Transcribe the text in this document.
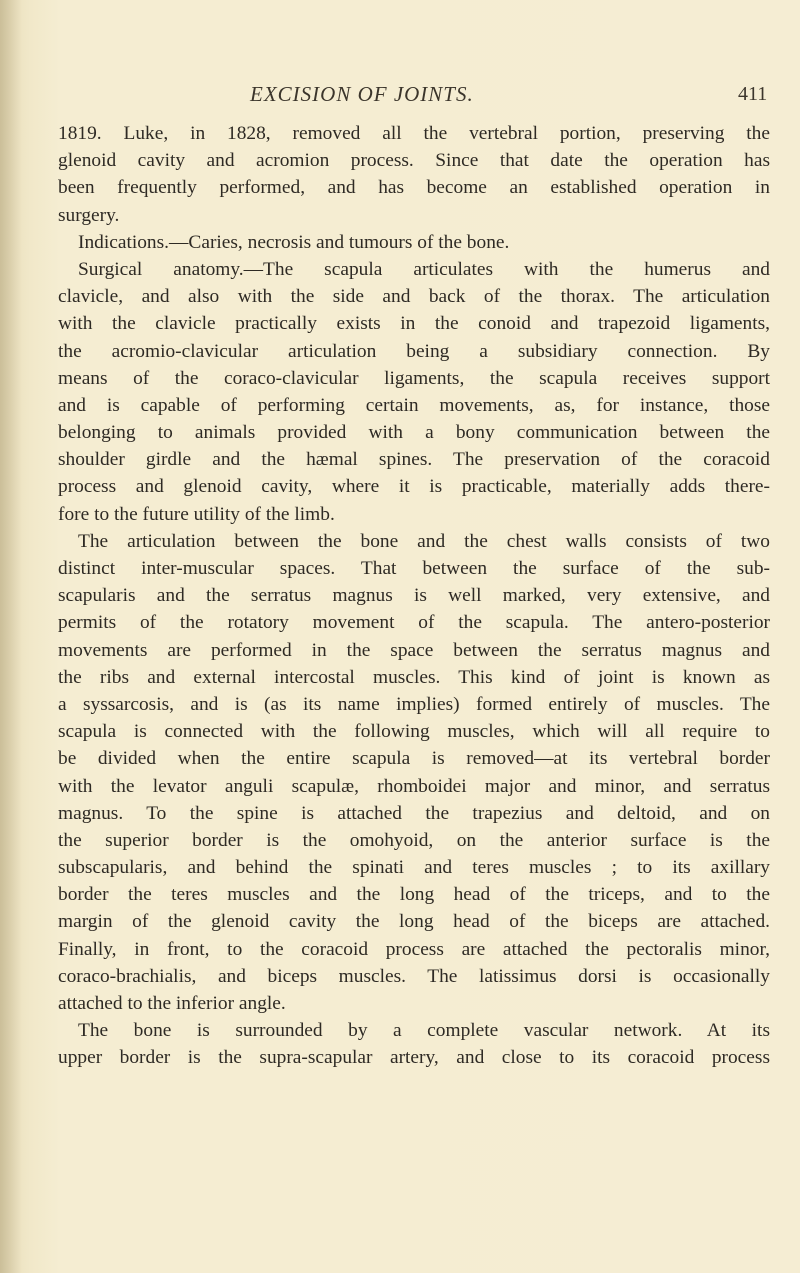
EXCISION OF JOINTS.	411
1819. Luke, in 1828, removed all the vertebral portion, preserving the
glenoid cavity and acromion process. Since that date the operation has
been frequently performed, and has become an established operation in
surgery.
Indications.—Caries, necrosis and tumours of the bone.
Surgical anatomy.—The scapula articulates with the humerus and
clavicle, and also with the side and back of the thorax. The articulation
with the clavicle practically exists in the conoid and trapezoid ligaments,
the acromio-clavicular articulation being a subsidiary connection. By
means of the coraco-clavicular ligaments, the scapula receives support
and is capable of performing certain movements, as, for instance, those
belonging to animals provided with a bony communication between the
shoulder girdle and the hæmal spines. The preservation of the coracoid
process and glenoid cavity, where it is practicable, materially adds there-
fore to the future utility of the limb.
The articulation between the bone and the chest walls consists of two
distinct inter-muscular spaces. That between the surface of the sub-
scapularis and the serratus magnus is well marked, very extensive, and
permits of the rotatory movement of the scapula. The antero-posterior
movements are performed in the space between the serratus magnus and
the ribs and external intercostal muscles. This kind of joint is known as
a syssarcosis, and is (as its name implies) formed entirely of muscles. The
scapula is connected with the following muscles, which will all require to
be divided when the entire scapula is removed—at its vertebral border
with the levator anguli scapulæ, rhomboidei major and minor, and serratus
magnus. To the spine is attached the trapezius and deltoid, and on
the superior border is the omohyoid, on the anterior surface is the
subscapularis, and behind the spinati and teres muscles ; to its axillary
border the teres muscles and the long head of the triceps, and to the
margin of the glenoid cavity the long head of the biceps are attached.
Finally, in front, to the coracoid process are attached the pectoralis minor,
coraco-brachialis, and biceps muscles. The latissimus dorsi is occasionally
attached to the inferior angle.
The bone is surrounded by a complete vascular network. At its
upper border is the supra-scapular artery, and close to its coracoid process
